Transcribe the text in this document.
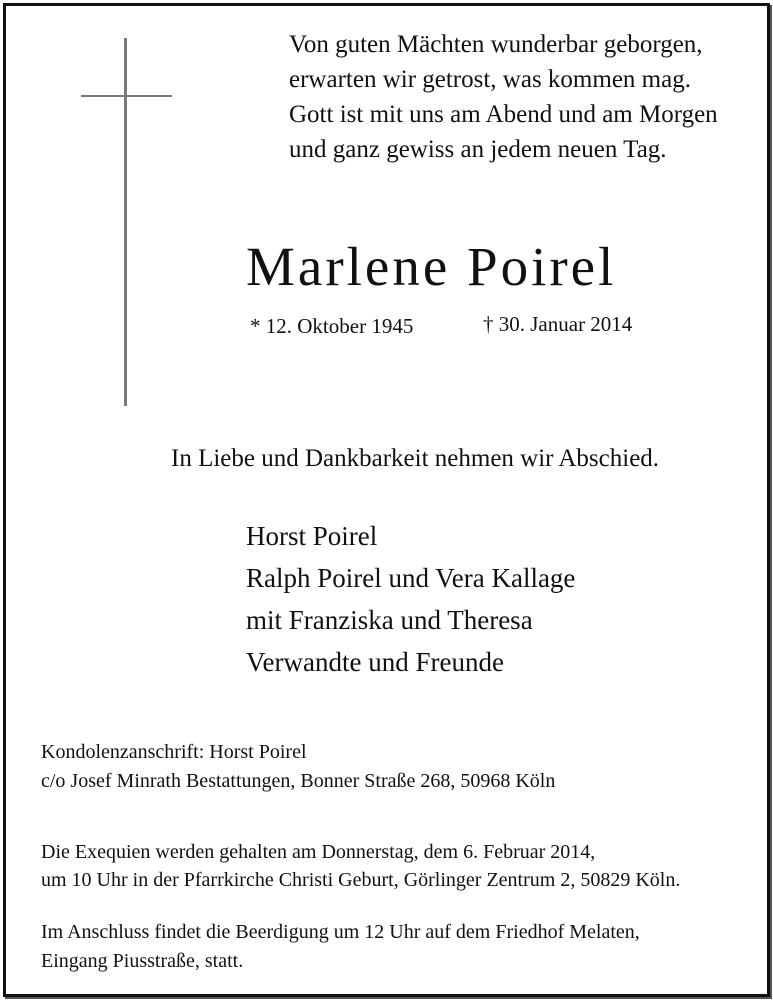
Von guten Mächten wunderbar geborgen,
erwarten wir getrost, was kommen mag.
Gott ist mit uns am Abend und am Morgen
und ganz gewiss an jedem neuen Tag.
Marlene Poirel
* 12. Oktober 1945	† 30. Januar 2014
In Liebe und Dankbarkeit nehmen wir Abschied.
Horst Poirel
Ralph Poirel und Vera Kallage
mit Franziska und Theresa
Verwandte und Freunde
Kondolenzanschrift: Horst Poirel
c/o Josef Minrath Bestattungen, Bonner Straße 268, 50968 Köln
Die Exequien werden gehalten am Donnerstag, dem 6. Februar 2014,
um 10 Uhr in der Pfarrkirche Christi Geburt, Görlinger Zentrum 2, 50829 Köln.
Im Anschluss findet die Beerdigung um 12 Uhr auf dem Friedhof Melaten,
Eingang Piusstraße, statt.
